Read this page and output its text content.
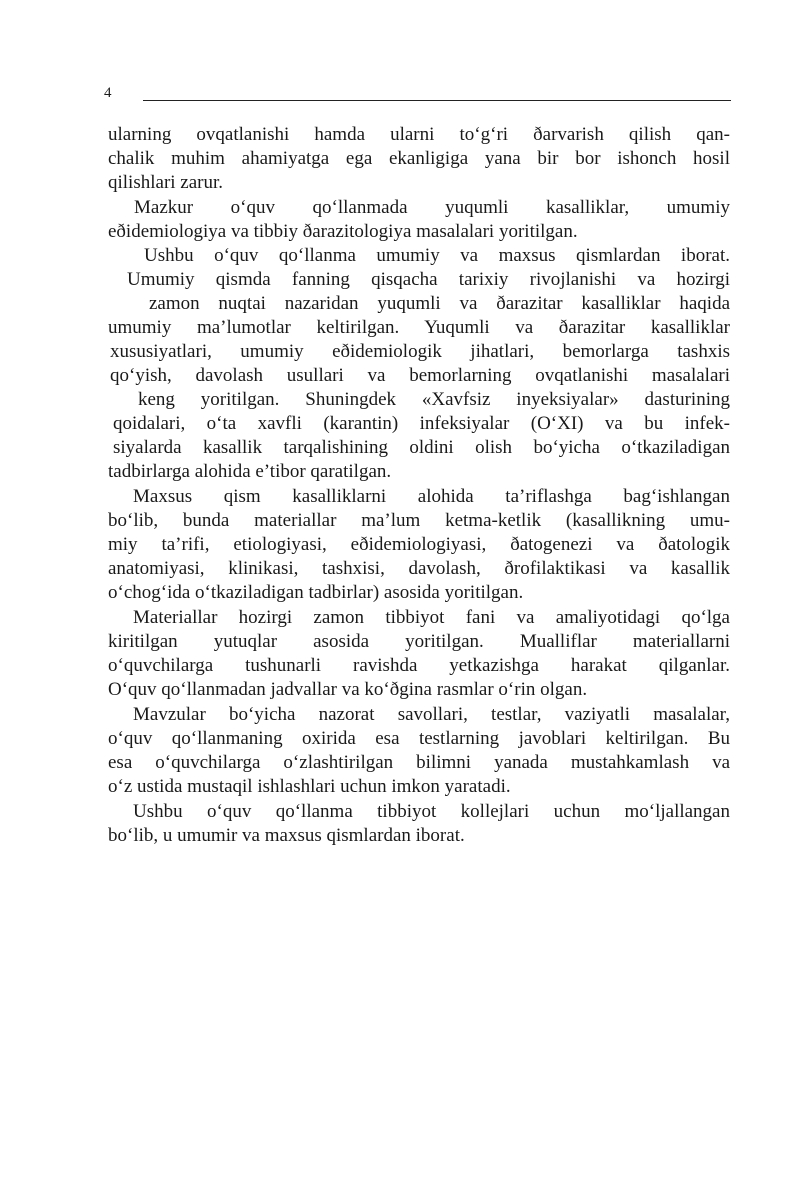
4
ularning ovqatlanishi hamda ularni to‘g‘ri ðarvarish qilish qan-
chalik muhim ahamiyatga ega ekanligiga yana bir bor ishonch hosil
qilishlari zarur.
Mazkur o‘quv qo‘llanmada yuqumli kasalliklar, umumiy
eðidemiologiya va tibbiy ðarazitologiya masalalari yoritilgan.
Ushbu o‘quv qo‘llanma umumiy va maxsus qismlardan iborat.
Umumiy qismda fanning qisqacha tarixiy rivojlanishi va hozirgi
zamon nuqtai nazaridan yuqumli va ðarazitar kasalliklar haqida
umumiy ma’lumotlar keltirilgan. Yuqumli va ðarazitar kasalliklar
xususiyatlari, umumiy eðidemiologik jihatlari, bemorlarga tashxis
qo‘yish, davolash usullari va bemorlarning ovqatlanishi masalalari
keng yoritilgan. Shuningdek «Xavfsiz inyeksiyalar» dasturining
qoidalari, o‘ta xavfli (karantin) infeksiyalar (O‘XI) va bu infek-
siyalarda kasallik tarqalishining oldini olish bo‘yicha o‘tkaziladigan
tadbirlarga alohida e’tibor qaratilgan.
Maxsus qism kasalliklarni alohida ta’riflashga bag‘ishlangan
bo‘lib, bunda materiallar ma’lum ketma-ketlik (kasallikning umu-
miy ta’rifi, etiologiyasi, eðidemiologiyasi, ðatogenezi va ðatologik
anatomiyasi, klinikasi, tashxisi, davolash, ðrofilaktikasi va kasallik
o‘chog‘ida o‘tkaziladigan tadbirlar) asosida yoritilgan.
Materiallar hozirgi zamon tibbiyot fani va amaliyotidagi qo‘lga
kiritilgan yutuqlar asosida yoritilgan. Mualliflar materiallarni
o‘quvchilarga tushunarli ravishda yetkazishga harakat qilganlar.
O‘quv qo‘llanmadan jadvallar va ko‘ðgina rasmlar o‘rin olgan.
Mavzular bo‘yicha nazorat savollari, testlar, vaziyatli masalalar,
o‘quv qo‘llanmaning oxirida esa testlarning javoblari keltirilgan. Bu
esa o‘quvchilarga o‘zlashtirilgan bilimni yanada mustahkamlash va
o‘z ustida mustaqil ishlashlari uchun imkon yaratadi.
Ushbu o‘quv qo‘llanma tibbiyot kollejlari uchun mo‘ljallangan
bo‘lib, u umumir va maxsus qismlardan iborat.
